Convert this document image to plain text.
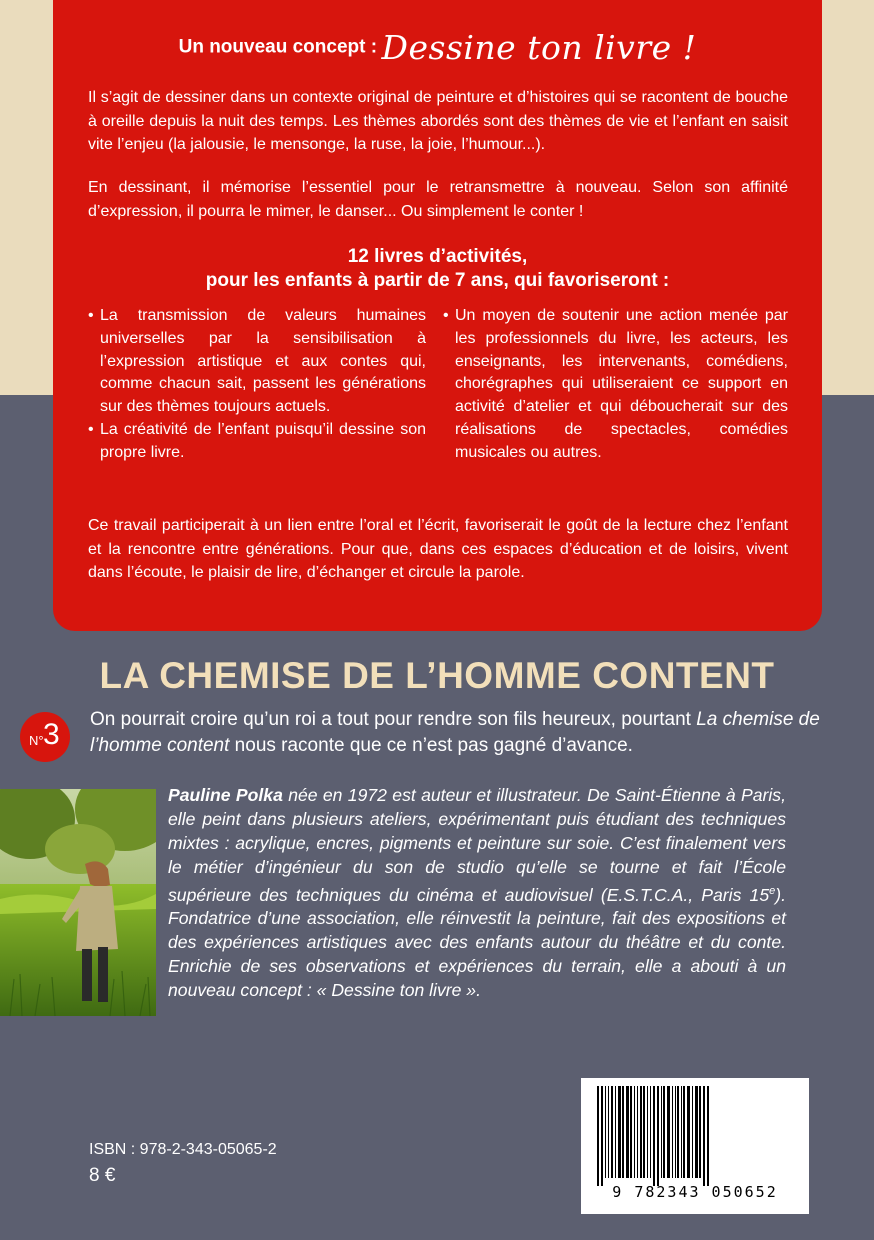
Un nouveau concept : Dessine ton livre !

Il s’agit de dessiner dans un contexte original de peinture et d’histoires qui se racontent de bouche à oreille depuis la nuit des temps. Les thèmes abordés sont des thèmes de vie et l’enfant en saisit vite l’enjeu (la jalousie, le mensonge, la ruse, la joie, l’humour...).

En dessinant, il mémorise l’essentiel pour le retransmettre à nouveau. Selon son affinité d’expression, il pourra le mimer, le danser... Ou simplement le conter !

12 livres d’activités,
pour les enfants à partir de 7 ans, qui favoriseront :
• La transmission de valeurs humaines universelles par la sensibilisation à l’expression artistique et aux contes qui, comme chacun sait, passent les générations sur des thèmes toujours actuels.
• La créativité de l’enfant puisqu’il dessine son propre livre.
• Un moyen de soutenir une action menée par les professionnels du livre, les acteurs, les enseignants, les intervenants, comédiens, chorégraphes qui utiliseraient ce support en activité d’atelier et qui déboucherait sur des réalisations de spectacles, comédies musicales ou autres.

Ce travail participerait à un lien entre l’oral et l’écrit, favoriserait le goût de la lecture chez l’enfant et la rencontre entre générations. Pour que, dans ces espaces d’éducation et de loisirs, vivent dans l’écoute, le plaisir de lire, d’échanger et circule la parole.

LA CHEMISE DE L’HOMME CONTENT
N° 3 On pourrait croire qu’un roi a tout pour rendre son fils heureux, pourtant La chemise de l’homme content nous raconte que ce n’est pas gagné d’avance.

Pauline Polka née en 1972 est auteur et illustrateur. De Saint-Étienne à Paris, elle peint dans plusieurs ateliers, expérimentant puis étudiant des techniques mixtes : acrylique, encres, pigments et peinture sur soie. C’est finalement vers le métier d’ingénieur du son de studio qu’elle se tourne et fait l’École supérieure des techniques du cinéma et audiovisuel (E.S.T.C.A., Paris 15e). Fondatrice d’une association, elle réinvestit la peinture, fait des expositions et des expériences artistiques avec des enfants autour du théâtre et du conte. Enrichie de ses observations et expériences du terrain, elle a abouti à un nouveau concept : « Dessine ton livre ».

9 782343 050652
ISBN : 978-2-343-05065-2
8 €
